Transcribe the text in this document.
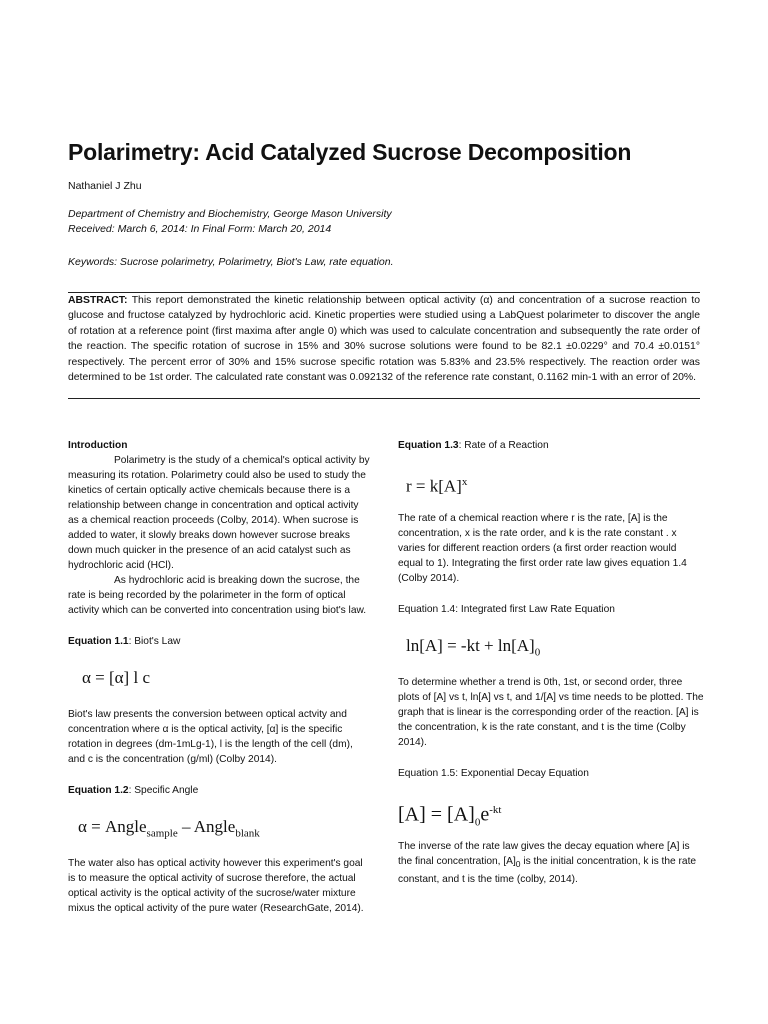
Polarimetry: Acid Catalyzed Sucrose Decomposition
Nathaniel J Zhu
Department of Chemistry and Biochemistry, George Mason University
Received: March 6, 2014: In Final Form: March 20, 2014
Keywords: Sucrose polarimetry, Polarimetry, Biot's Law, rate equation.
ABSTRACT: This report demonstrated the kinetic relationship between optical activity (α) and concentration of a sucrose reaction to glucose and fructose catalyzed by hydrochloric acid. Kinetic properties were studied using a LabQuest polarimeter to discover the angle of rotation at a reference point (first maxima after angle 0) which was used to calculate concentration and subsequently the rate order of the reaction. The specific rotation of sucrose in 15% and 30% sucrose solutions were found to be 82.1 ±0.0229° and 70.4 ±0.0151° respectively. The percent error of 30% and 15% sucrose specific rotation was 5.83% and 23.5% respectively. The reaction order was determined to be 1st order. The calculated rate constant was 0.092132 of the reference rate constant, 0.1162 min-1 with an error of 20%.

Introduction

Polarimetry is the study of a chemical's optical activity by measuring its rotation. Polarimetry could also be used to study the kinetics of certain optically active chemicals because there is a relationship between change in concentration and optical activity as a chemical reaction proceeds (Colby, 2014). When sucrose is added to water, it slowly breaks down however sucrose breaks down much quicker in the presence of an acid catalyst such as hydrochloric acid (HCl).

As hydrochloric acid is breaking down the sucrose, the rate is being recorded by the polarimeter in the form of optical activity which can be converted into concentration using biot's law.

Equation 1.1: Biot's Law

α = [α] l c

Biot's law presents the conversion between optical actvity and concentration where α is the optical activity, [α] is the specific rotation in degrees (dm-1mLg-1), l is the length of the cell (dm), and c is the concentration (g/ml) (Colby 2014).

Equation 1.2: Specific Angle

α = Angle$_{sample}$ – Angle$_{blank}$

The water also has optical activity however this experiment's goal is to measure the optical activity of sucrose therefore, the actual optical activity is the optical activity of the sucrose/water mixture mixus the optical activity of the pure water (ResearchGate, 2014).

Equation 1.3: Rate of a Reaction

$r = k[A]^x$

The rate of a chemical reaction where r is the rate, [A] is the concentration, x is the rate order, and k is the rate constant . x varies for different reaction orders (a first order reaction would equal to 1). Integrating the first order rate law gives equation 1.4 (Colby 2014).

Equation 1.4: Integrated first Law Rate Equation

$\ln[A] = -kt + \ln[A]_0$

To determine whether a trend is 0th, 1st, or second order, three plots of [A] vs t, ln[A] vs t, and 1/[A] vs time needs to be plotted. The graph that is linear is the corresponding order of the reaction. [A] is the concentration, k is the rate constant, and t is the time (Colby 2014).

Equation 1.5: Exponential Decay Equation

$[A] = [A]_0e^{-kt}$

The inverse of the rate law gives the decay equation where [A] is the final concentration, $[A]_0$ is the initial concentration, k is the rate constant, and t is the time (colby, 2014).
